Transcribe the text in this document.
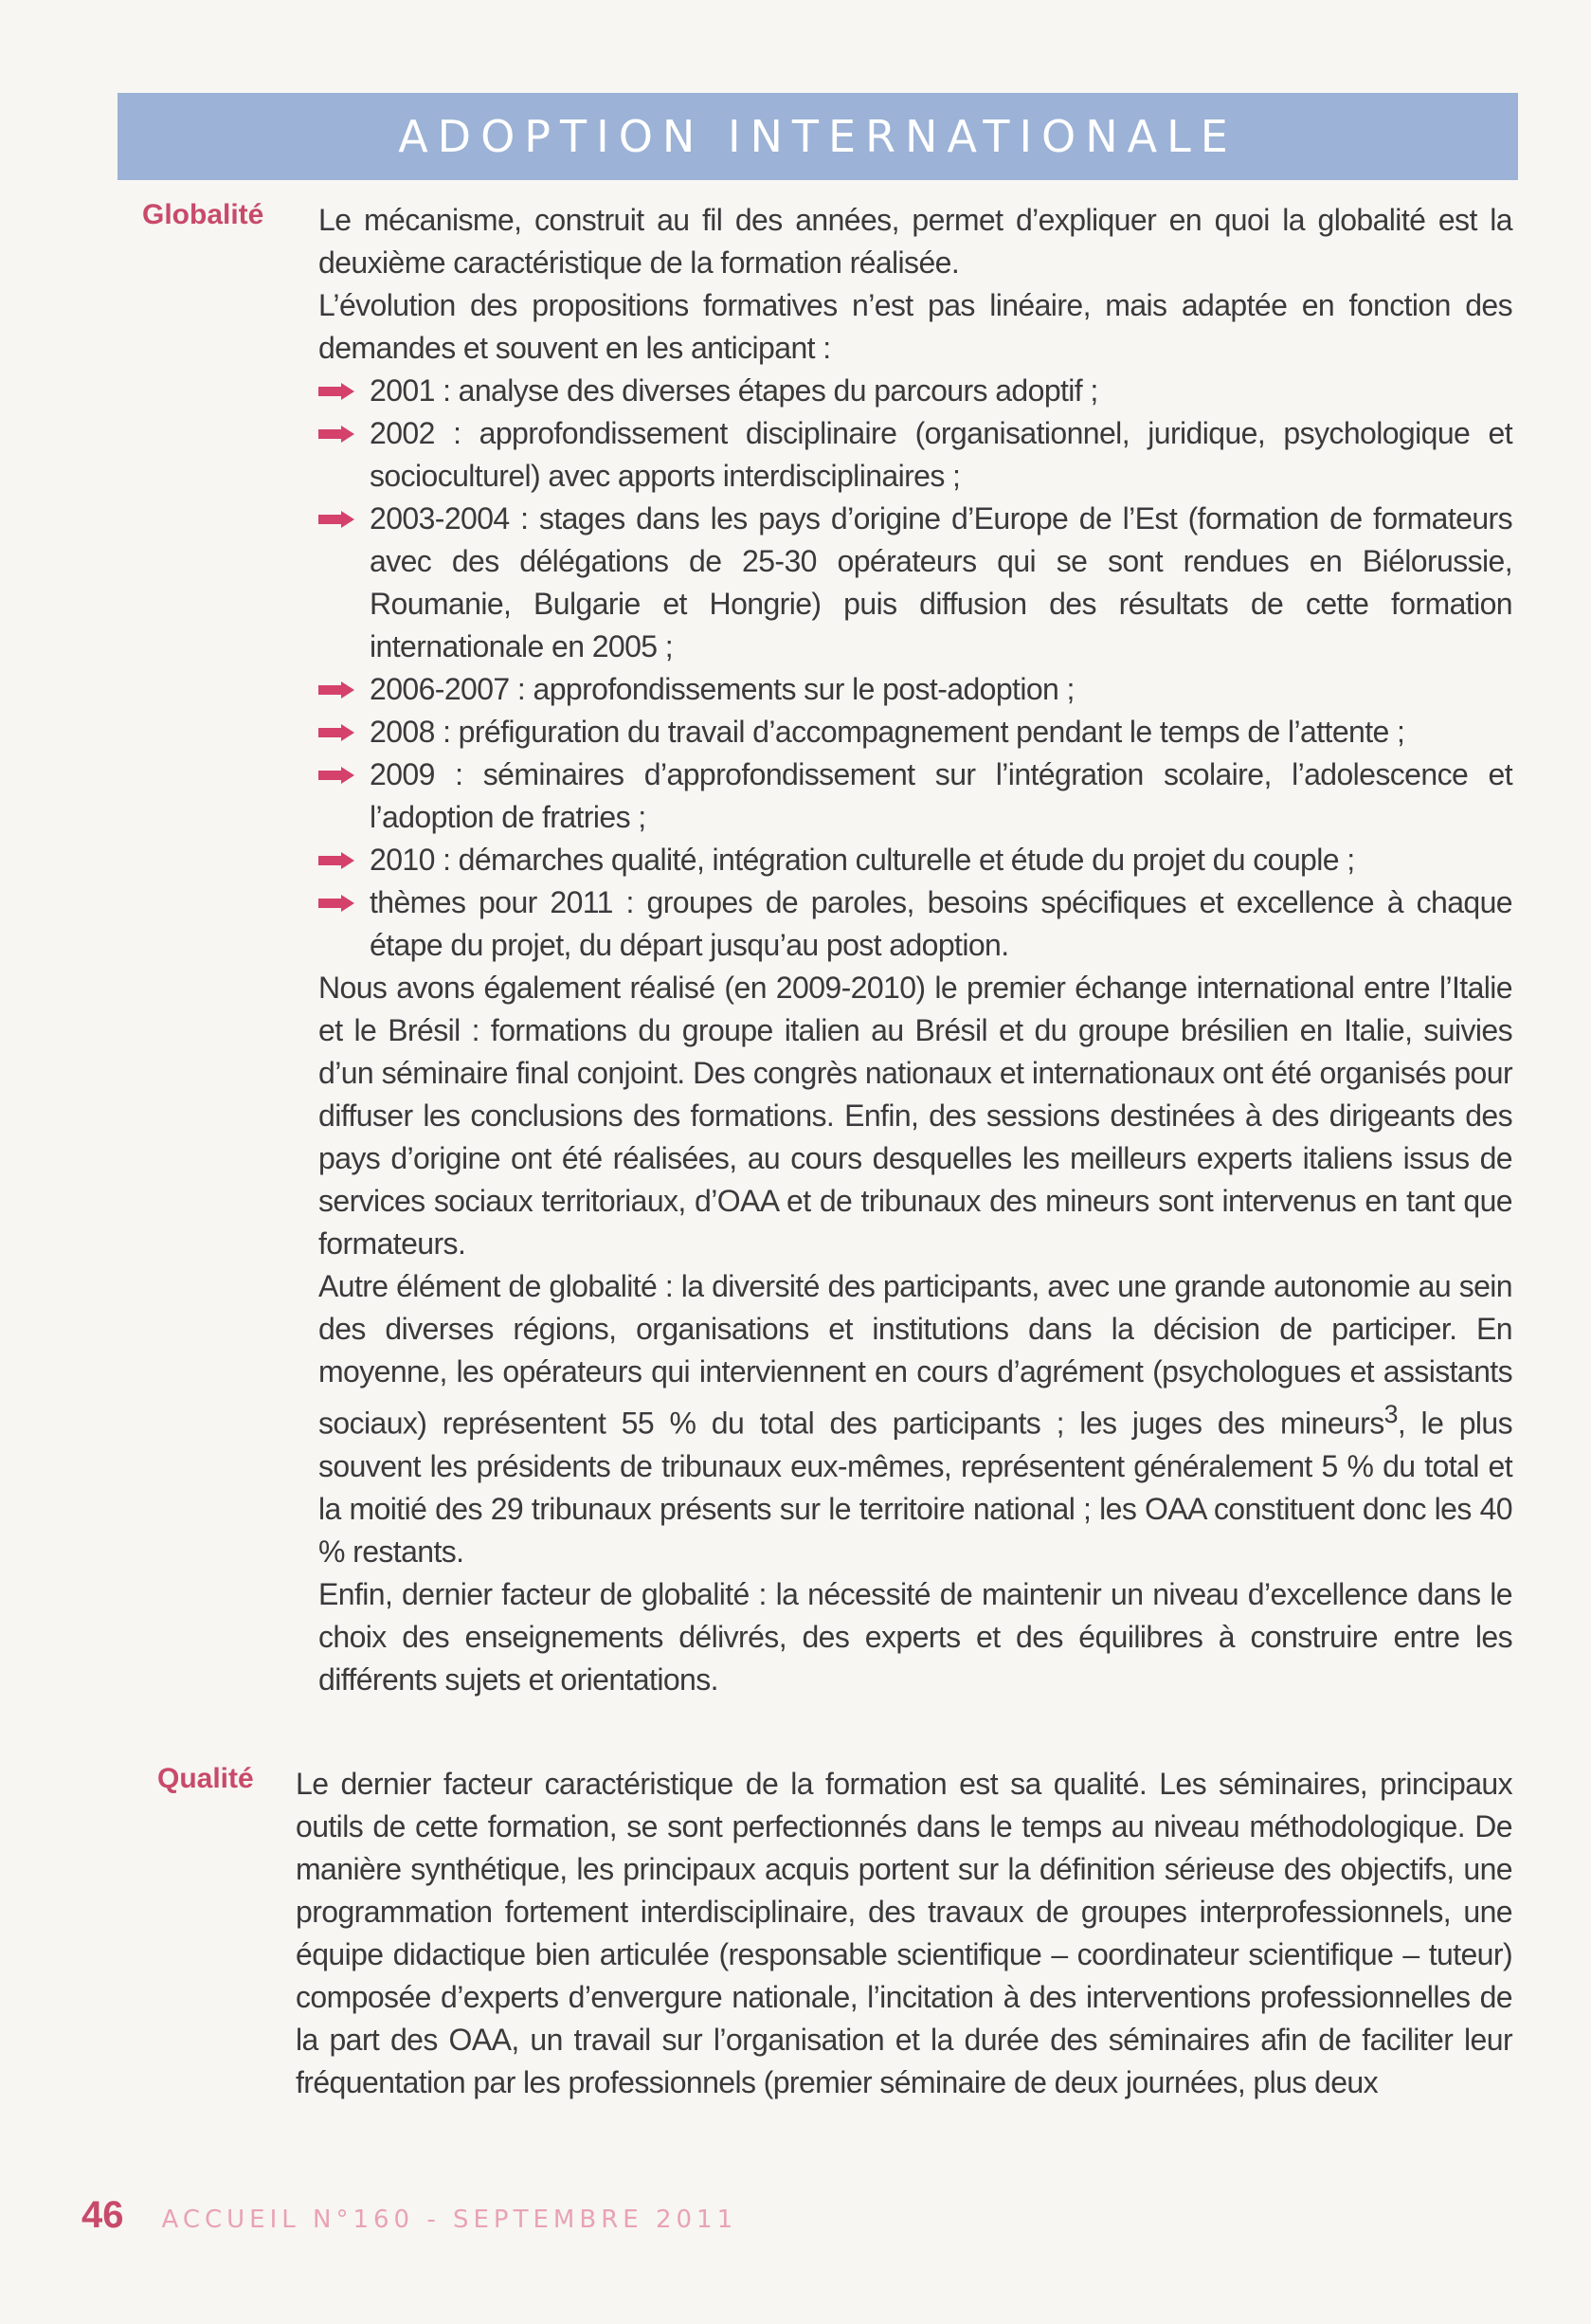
ADOPTION INTERNATIONALE
Globalité Le mécanisme, construit au fil des années, permet d’expliquer en quoi la globalité est la deuxième caractéristique de la formation réalisée.

L’évolution des propositions formatives n’est pas linéaire, mais adaptée en fonction des demandes et souvent en les anticipant :

2001 : analyse des diverses étapes du parcours adoptif ;
2002 : approfondissement disciplinaire (organisationnel, juridique, psychologique et socioculturel) avec apports interdisciplinaires ;
2003-2004 : stages dans les pays d’origine d’Europe de l’Est (formation de formateurs avec des délégations de 25-30 opérateurs qui se sont rendues en Biélorussie, Roumanie, Bulgarie et Hongrie) puis diffusion des résultats de cette formation internationale en 2005 ;
2006-2007 : approfondissements sur le post-adoption ;
2008 : préfiguration du travail d’accompagnement pendant le temps de l’attente ;
2009 : séminaires d’approfondissement sur l’intégration scolaire, l’adolescence et l’adoption de fratries ;
2010 : démarches qualité, intégration culturelle et étude du projet du couple ;
thèmes pour 2011 : groupes de paroles, besoins spécifiques et excellence à chaque étape du projet, du départ jusqu’au post adoption.

Nous avons également réalisé (en 2009-2010) le premier échange international entre l’Italie et le Brésil : formations du groupe italien au Brésil et du groupe brésilien en Italie, suivies d’un séminaire final conjoint. Des congrès nationaux et internationaux ont été organisés pour diffuser les conclusions des formations. Enfin, des sessions destinées à des dirigeants des pays d’origine ont été réalisées, au cours desquelles les meilleurs experts italiens issus de services sociaux territoriaux, d’OAA et de tribunaux des mineurs sont intervenus en tant que formateurs.

Autre élément de globalité : la diversité des participants, avec une grande autonomie au sein des diverses régions, organisations et institutions dans la décision de participer. En moyenne, les opérateurs qui interviennent en cours d’agrément (psychologues et assistants sociaux) représentent 55 % du total des participants ; les juges des mineurs$^3$, le plus souvent les présidents de tribunaux eux-mêmes, représentent généralement 5 % du total et la moitié des 29 tribunaux présents sur le territoire national ; les OAA constituent donc les 40 % restants.

Enfin, dernier facteur de globalité : la nécessité de maintenir un niveau d’excellence dans le choix des enseignements délivrés, des experts et des équilibres à construire entre les différents sujets et orientations.

Qualité Le dernier facteur caractéristique de la formation est sa qualité. Les séminaires, principaux outils de cette formation, se sont perfectionnés dans le temps au niveau méthodologique. De manière synthétique, les principaux acquis portent sur la définition sérieuse des objectifs, une programmation fortement interdisciplinaire, des travaux de groupes interprofessionnels, une équipe didactique bien articulée (responsable scientifique – coordinateur scientifique – tuteur) composée d’experts d’envergure nationale, l’incitation à des interventions professionnelles de la part des OAA, un travail sur l’organisation et la durée des séminaires afin de faciliter leur fréquentation par les professionnels (premier séminaire de deux journées, plus deux

46 ACCUEIL N°160 - SEPTEMBRE 2011
